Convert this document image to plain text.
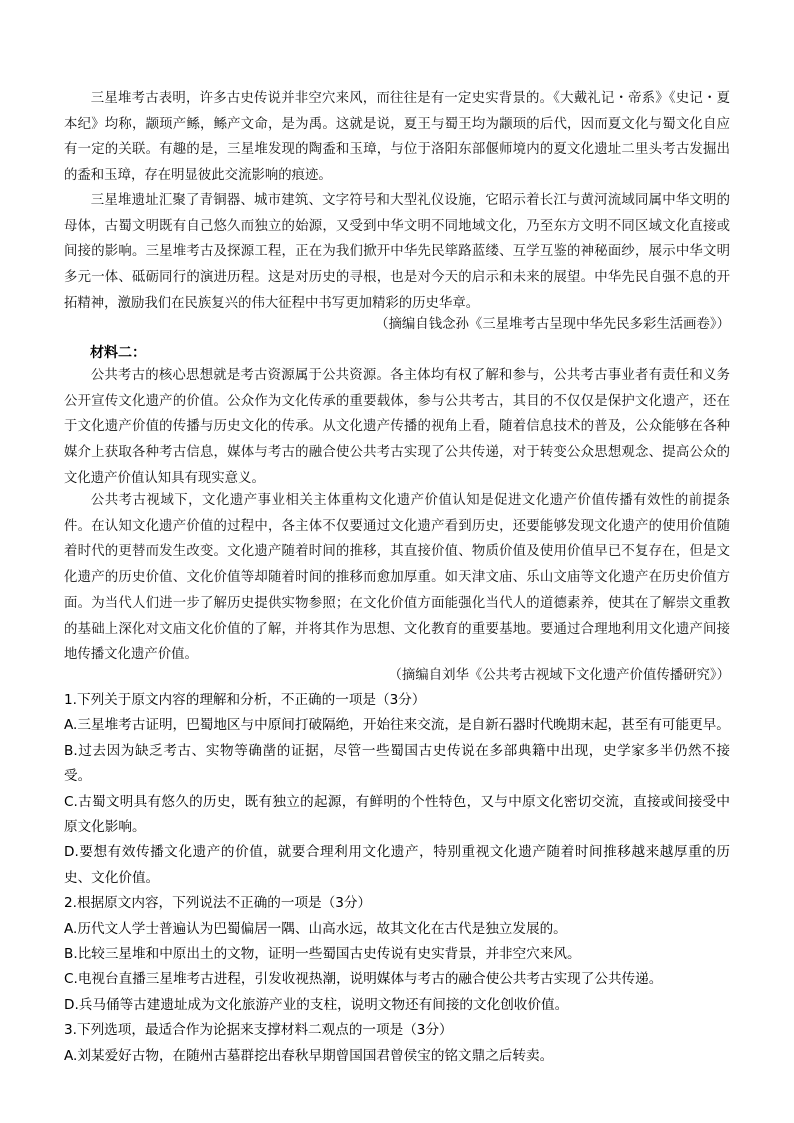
三星堆考古表明，许多古史传说并非空穴来风，而往往是有一定史实背景的。《大戴礼记・帝系》《史记・夏本纪》均称，颛顼产鲧，鲧产文命，是为禹。这就是说，夏王与蜀王均为颛顼的后代，因而夏文化与蜀文化自应有一定的关联。有趣的是，三星堆发现的陶盉和玉璋，与位于洛阳东部偃师境内的夏文化遗址二里头考古发掘出的盉和玉璋，存在明显彼此交流影响的痕迹。

三星堆遗址汇聚了青铜器、城市建筑、文字符号和大型礼仪设施，它昭示着长江与黄河流域同属中华文明的母体，古蜀文明既有自己悠久而独立的始源，又受到中华文明不同地域文化，乃至东方文明不同区域文化直接或间接的影响。三星堆考古及探源工程，正在为我们掀开中华先民筚路蓝缕、互学互鉴的神秘面纱，展示中华文明多元一体、砥砺同行的演进历程。这是对历史的寻根，也是对今天的启示和未来的展望。中华先民自强不息的开拓精神，激励我们在民族复兴的伟大征程中书写更加精彩的历史华章。

（摘编自钱念孙《三星堆考古呈现中华先民多彩生活画卷》）

材料二：

公共考古的核心思想就是考古资源属于公共资源。各主体均有权了解和参与，公共考古事业者有责任和义务公开宣传文化遗产的价值。公众作为文化传承的重要载体，参与公共考古，其目的不仅仅是保护文化遗产，还在于文化遗产价值的传播与历史文化的传承。从文化遗产传播的视角上看，随着信息技术的普及，公众能够在各种媒介上获取各种考古信息，媒体与考古的融合使公共考古实现了公共传递，对于转变公众思想观念、提高公众的文化遗产价值认知具有现实意义。

公共考古视域下，文化遗产事业相关主体重构文化遗产价值认知是促进文化遗产价值传播有效性的前提条件。在认知文化遗产价值的过程中，各主体不仅要通过文化遗产看到历史，还要能够发现文化遗产的使用价值随着时代的更替而发生改变。文化遗产随着时间的推移，其直接价值、物质价值及使用价值早已不复存在，但是文化遗产的历史价值、文化价值等却随着时间的推移而愈加厚重。如天津文庙、乐山文庙等文化遗产在历史价值方面。为当代人们进一步了解历史提供实物参照；在文化价值方面能强化当代人的道德素养，使其在了解崇文重教的基础上深化对文庙文化价值的了解，并将其作为思想、文化教育的重要基地。要通过合理地利用文化遗产间接地传播文化遗产价值。

（摘编自刘华《公共考古视域下文化遗产价值传播研究》）

1.下列关于原文内容的理解和分析，不正确的一项是（3分）

A.三星堆考古证明，巴蜀地区与中原间打破隔绝，开始往来交流，是自新石器时代晚期末起，甚至有可能更早。

B.过去因为缺乏考古、实物等确凿的证据，尽管一些蜀国古史传说在多部典籍中出现，史学家多半仍然不接受。

C.古蜀文明具有悠久的历史，既有独立的起源，有鲜明的个性特色，又与中原文化密切交流，直接或间接受中原文化影响。

D.要想有效传播文化遗产的价值，就要合理利用文化遗产，特别重视文化遗产随着时间推移越来越厚重的历史、文化价值。

2.根据原文内容，下列说法不正确的一项是（3分）

A.历代文人学士普遍认为巴蜀偏居一隅、山高水远，故其文化在古代是独立发展的。

B.比较三星堆和中原出土的文物，证明一些蜀国古史传说有史实背景，并非空穴来风。

C.电视台直播三星堆考古进程，引发收视热潮，说明媒体与考古的融合使公共考古实现了公共传递。

D.兵马俑等古建遗址成为文化旅游产业的支柱，说明文物还有间接的文化创收价值。

3.下列选项，最适合作为论据来支撑材料二观点的一项是（3分）

A.刘某爱好古物，在随州古墓群挖出春秋早期曾国国君曾侯宝的铭文鼎之后转卖。
